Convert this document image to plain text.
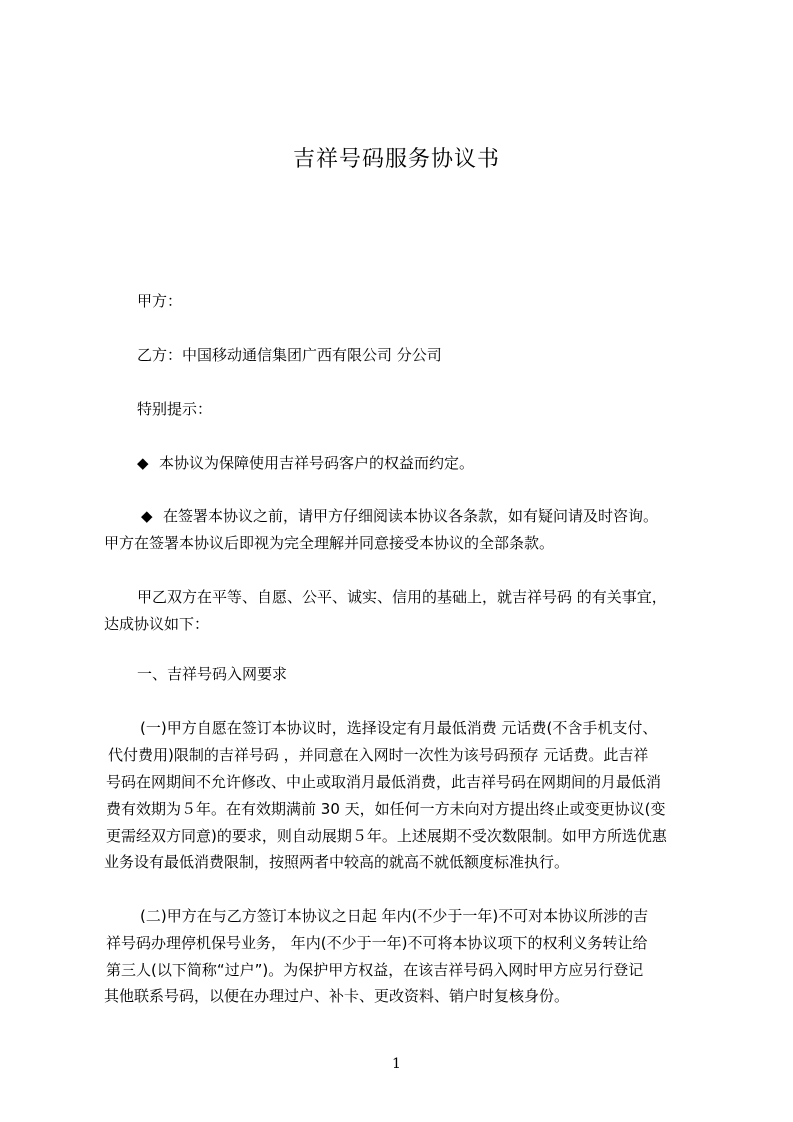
吉祥号码服务协议书
甲方：
乙方：中国移动通信集团广西有限公司 分公司
特别提示：
◆ 本协议为保障使用吉祥号码客户的权益而约定。
◆ 在签署本协议之前，请甲方仔细阅读本协议各条款，如有疑问请及时咨询。
甲方在签署本协议后即视为完全理解并同意接受本协议的全部条款。
甲乙双方在平等、自愿、公平、诚实、信用的基础上，就吉祥号码 的有关事宜，
达成协议如下：
一、吉祥号码入网要求
(一)甲方自愿在签订本协议时，选择设定有月最低消费 元话费(不含手机支付、
代付费用)限制的吉祥号码 ，并同意在入网时一次性为该号码预存 元话费。此吉祥
号码在网期间不允许修改、中止或取消月最低消费，此吉祥号码在网期间的月最低消
费有效期为５年。在有效期满前 30 天，如任何一方未向对方提出终止或变更协议(变
更需经双方同意)的要求，则自动展期５年。上述展期不受次数限制。如甲方所选优惠
业务设有最低消费限制，按照两者中较高的就高不就低额度标准执行。
(二)甲方在与乙方签订本协议之日起 年内(不少于一年)不可对本协议所涉的吉
祥号码办理停机保号业务， 年内(不少于一年)不可将本协议项下的权利义务转让给
第三人(以下简称“过户”)。为保护甲方权益，在该吉祥号码入网时甲方应另行登记
其他联系号码，以便在办理过户、补卡、更改资料、销户时复核身份。
1
